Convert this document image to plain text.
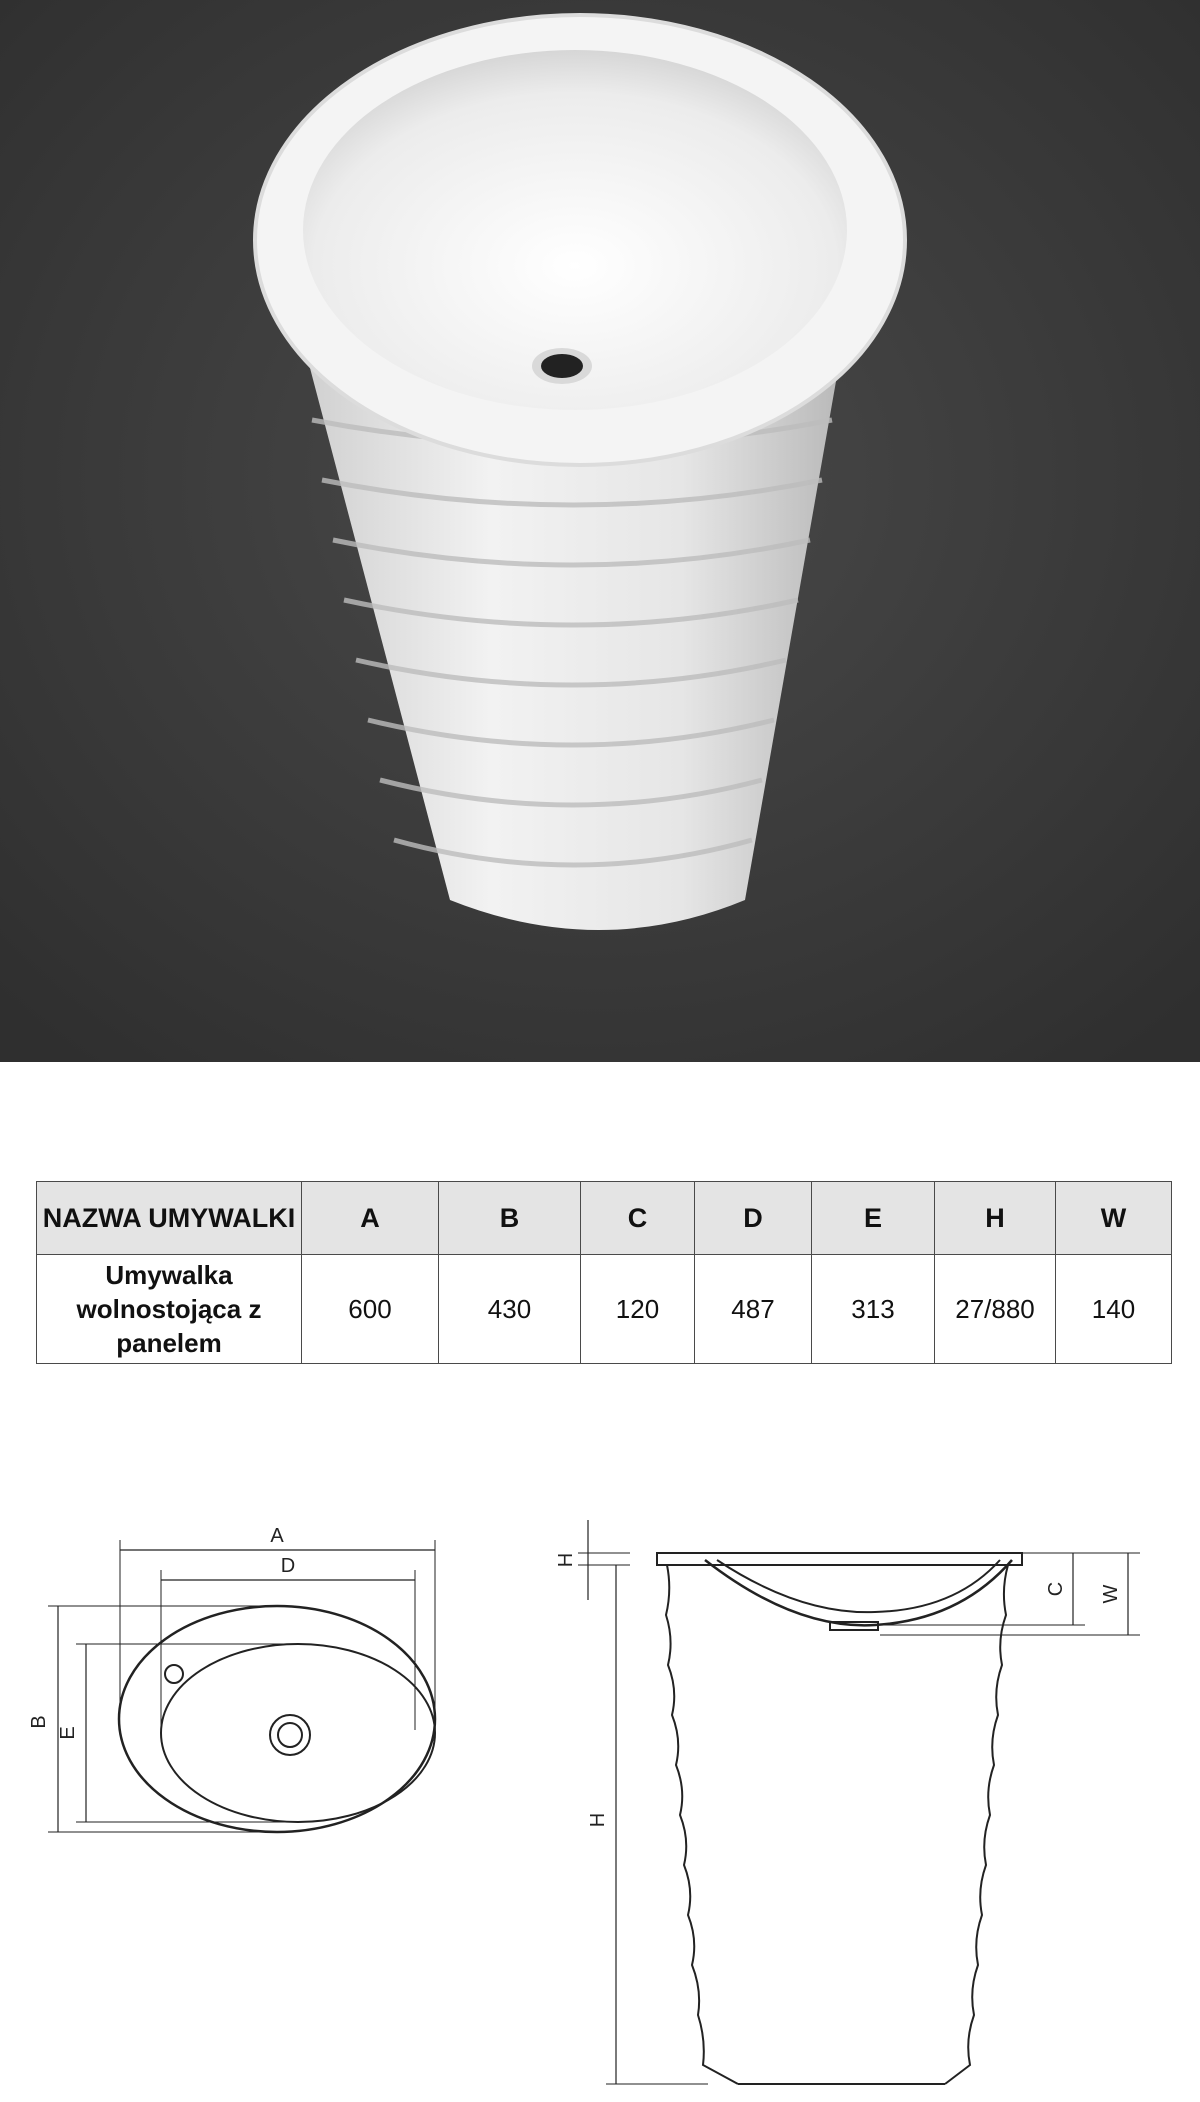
NAZWA UMYWALKI	A	B	C	D	E	H	W
Umywalka wolnostojąca z panelem	600	430	120	487	313	27/880	140
A
D
B
E
H
H
C W
